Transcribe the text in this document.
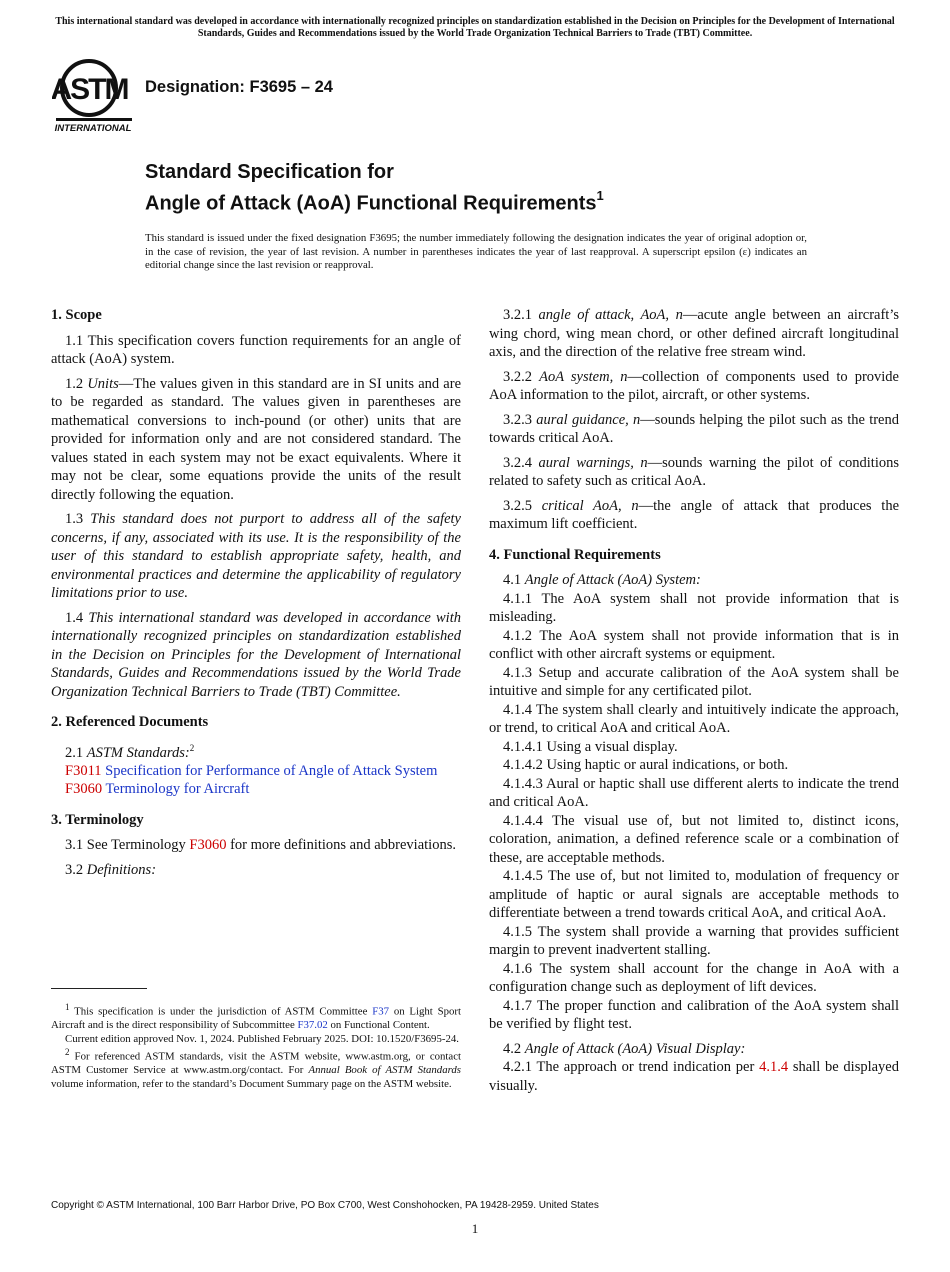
This international standard was developed in accordance with internationally recognized principles on standardization established in the Decision on Principles for the Development of International Standards, Guides and Recommendations issued by the World Trade Organization Technical Barriers to Trade (TBT) Committee.
ASTM
INTERNATIONAL
Designation: F3695 – 24
Standard Specification for
Angle of Attack (AoA) Functional Requirements$^1$
This standard is issued under the fixed designation F3695; the number immediately following the designation indicates the year of original adoption or, in the case of revision, the year of last revision. A number in parentheses indicates the year of last reapproval. A superscript epsilon (ε) indicates an editorial change since the last revision or reapproval.
1. Scope

1.1 This specification covers function requirements for an angle of attack (AoA) system.

1.2 Units—The values given in this standard are in SI units and are to be regarded as standard. The values given in parentheses are mathematical conversions to inch-pound (or other) units that are provided for information only and are not considered standard. The values stated in each system may not be exact equivalents. Where it may not be clear, some equations provide the units of the result directly following the equation.

1.3 This standard does not purport to address all of the safety concerns, if any, associated with its use. It is the responsibility of the user of this standard to establish appropriate safety, health, and environmental practices and determine the applicability of regulatory limitations prior to use.

1.4 This international standard was developed in accordance with internationally recognized principles on standardization established in the Decision on Principles for the Development of International Standards, Guides and Recommendations issued by the World Trade Organization Technical Barriers to Trade (TBT) Committee.

2. Referenced Documents

2.1 ASTM Standards:$^2$

F3011 Specification for Performance of Angle of Attack System
F3060 Terminology for Aircraft
3. Terminology

3.1 See Terminology F3060 for more definitions and abbreviations.

3.2 Definitions:

3.2.1 angle of attack, AoA, n—acute angle between an aircraft’s wing chord, wing mean chord, or other defined aircraft longitudinal axis, and the direction of the relative free stream wind.

3.2.2 AoA system, n—collection of components used to provide AoA information to the pilot, aircraft, or other systems.

3.2.3 aural guidance, n—sounds helping the pilot such as the trend towards critical AoA.

3.2.4 aural warnings, n—sounds warning the pilot of conditions related to safety such as critical AoA.

3.2.5 critical AoA, n—the angle of attack that produces the maximum lift coefficient.

4. Functional Requirements

4.1 Angle of Attack (AoA) System:

4.1.1 The AoA system shall not provide information that is misleading.

4.1.2 The AoA system shall not provide information that is in conflict with other aircraft systems or equipment.

4.1.3 Setup and accurate calibration of the AoA system shall be intuitive and simple for any certificated pilot.

4.1.4 The system shall clearly and intuitively indicate the approach, or trend, to critical AoA and critical AoA.

4.1.4.1 Using a visual display.

4.1.4.2 Using haptic or aural indications, or both.

4.1.4.3 Aural or haptic shall use different alerts to indicate the trend and critical AoA.

4.1.4.4 The visual use of, but not limited to, distinct icons, coloration, animation, a defined reference scale or a combination of these, are acceptable methods.

4.1.4.5 The use of, but not limited to, modulation of frequency or amplitude of haptic or aural signals are acceptable methods to differentiate between a trend towards critical AoA, and critical AoA.

4.1.5 The system shall provide a warning that provides sufficient margin to prevent inadvertent stalling.

4.1.6 The system shall account for the change in AoA with a configuration change such as deployment of lift devices.

4.1.7 The proper function and calibration of the AoA system shall be verified by flight test.

4.2 Angle of Attack (AoA) Visual Display:

4.2.1 The approach or trend indication per 4.1.4 shall be displayed visually.

$^1$ This specification is under the jurisdiction of ASTM Committee F37 on Light Sport Aircraft and is the direct responsibility of Subcommittee F37.02 on Functional Content.

Current edition approved Nov. 1, 2024. Published February 2025. DOI: 10.1520/F3695-24.

$^2$ For referenced ASTM standards, visit the ASTM website, www.astm.org, or contact ASTM Customer Service at www.astm.org/contact. For Annual Book of ASTM Standards volume information, refer to the standard’s Document Summary page on the ASTM website.

Copyright © ASTM International, 100 Barr Harbor Drive, PO Box C700, West Conshohocken, PA 19428-2959. United States
1
